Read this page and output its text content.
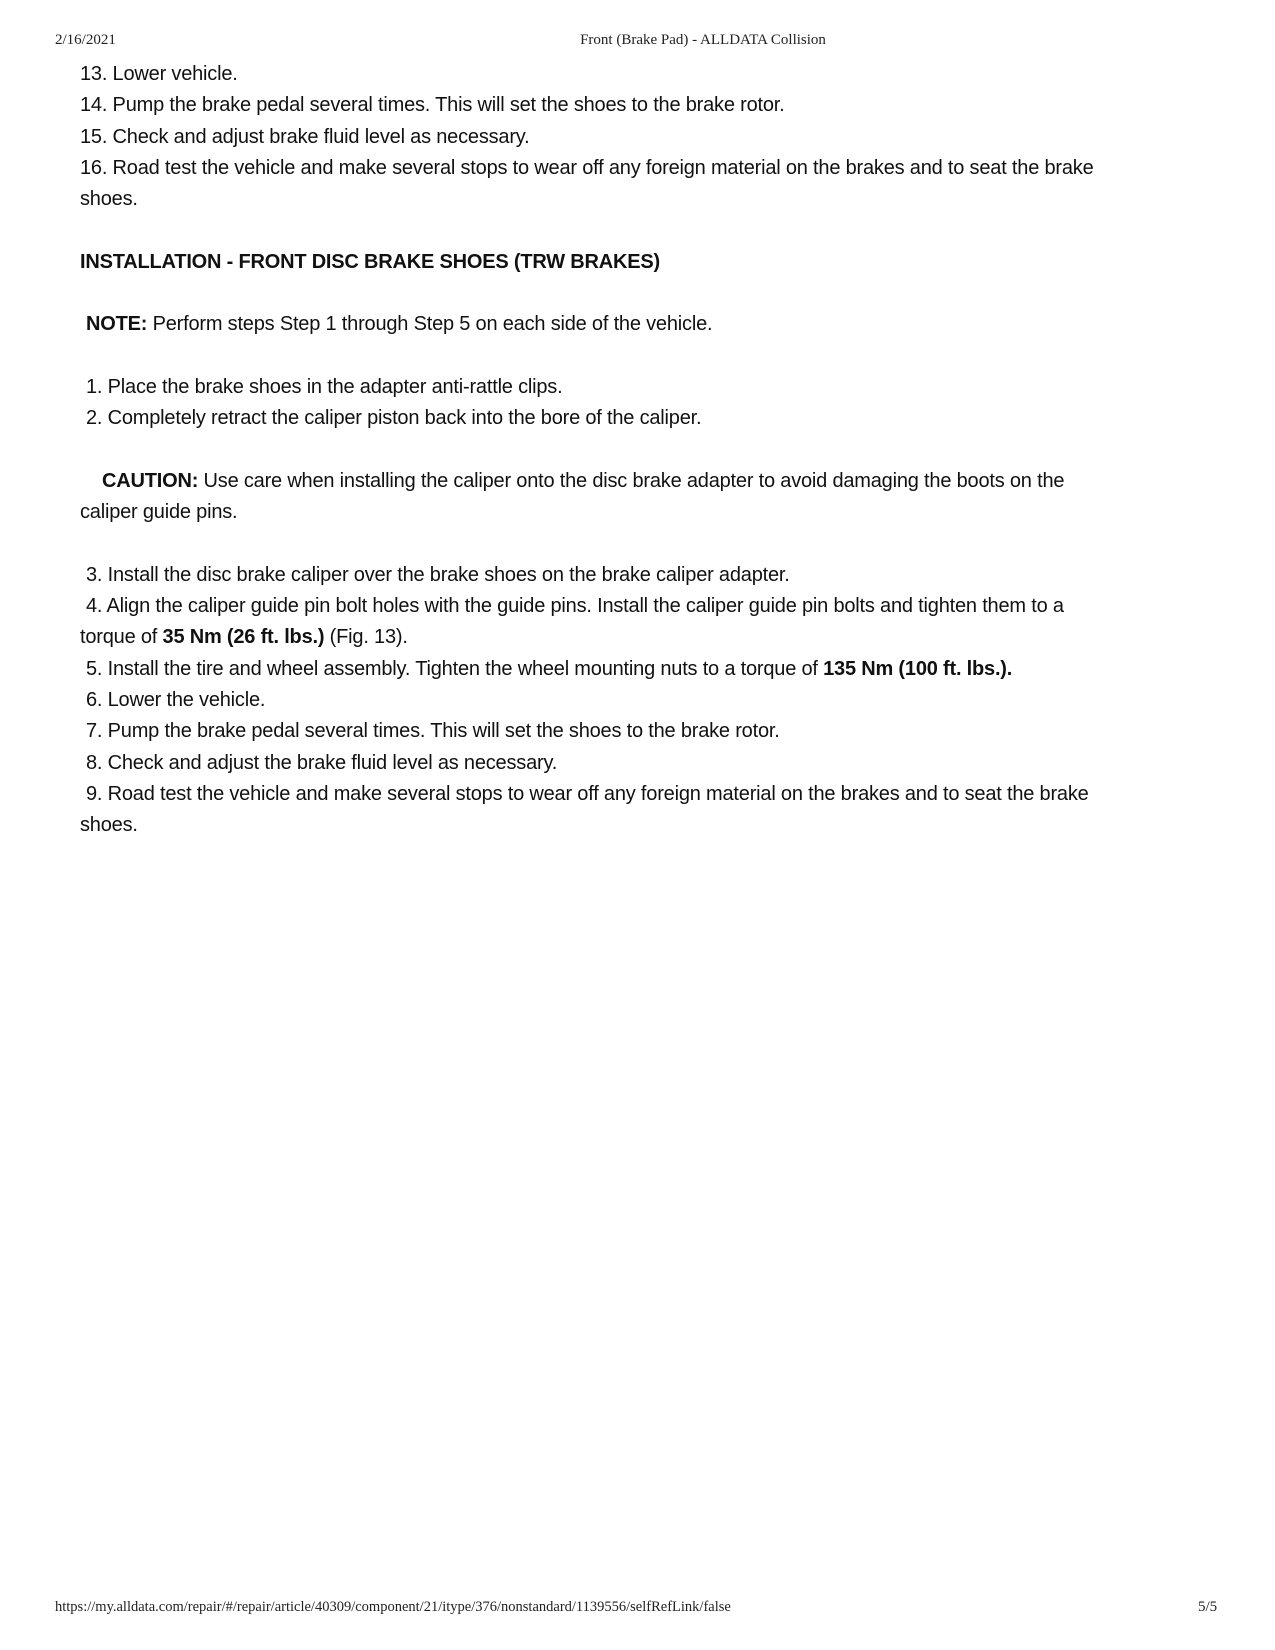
2/16/2021	Front (Brake Pad) - ALLDATA Collision
13. Lower vehicle.
14. Pump the brake pedal several times. This will set the shoes to the brake rotor.
15. Check and adjust brake fluid level as necessary.
16. Road test the vehicle and make several stops to wear off any foreign material on the brakes and to seat the brake
shoes.
INSTALLATION - FRONT DISC BRAKE SHOES (TRW BRAKES)
NOTE: Perform steps Step 1 through Step 5 on each side of the vehicle.
1. Place the brake shoes in the adapter anti-rattle clips.
2. Completely retract the caliper piston back into the bore of the caliper.
CAUTION: Use care when installing the caliper onto the disc brake adapter to avoid damaging the boots on the
caliper guide pins.
3. Install the disc brake caliper over the brake shoes on the brake caliper adapter.
4. Align the caliper guide pin bolt holes with the guide pins. Install the caliper guide pin bolts and tighten them to a
torque of 35 Nm (26 ft. lbs.) (Fig. 13).
5. Install the tire and wheel assembly. Tighten the wheel mounting nuts to a torque of 135 Nm (100 ft. lbs.).
6. Lower the vehicle.
7. Pump the brake pedal several times. This will set the shoes to the brake rotor.
8. Check and adjust the brake fluid level as necessary.
9. Road test the vehicle and make several stops to wear off any foreign material on the brakes and to seat the brake
shoes.
https://my.alldata.com/repair/#/repair/article/40309/component/21/itype/376/nonstandard/1139556/selfRefLink/false	5/5
